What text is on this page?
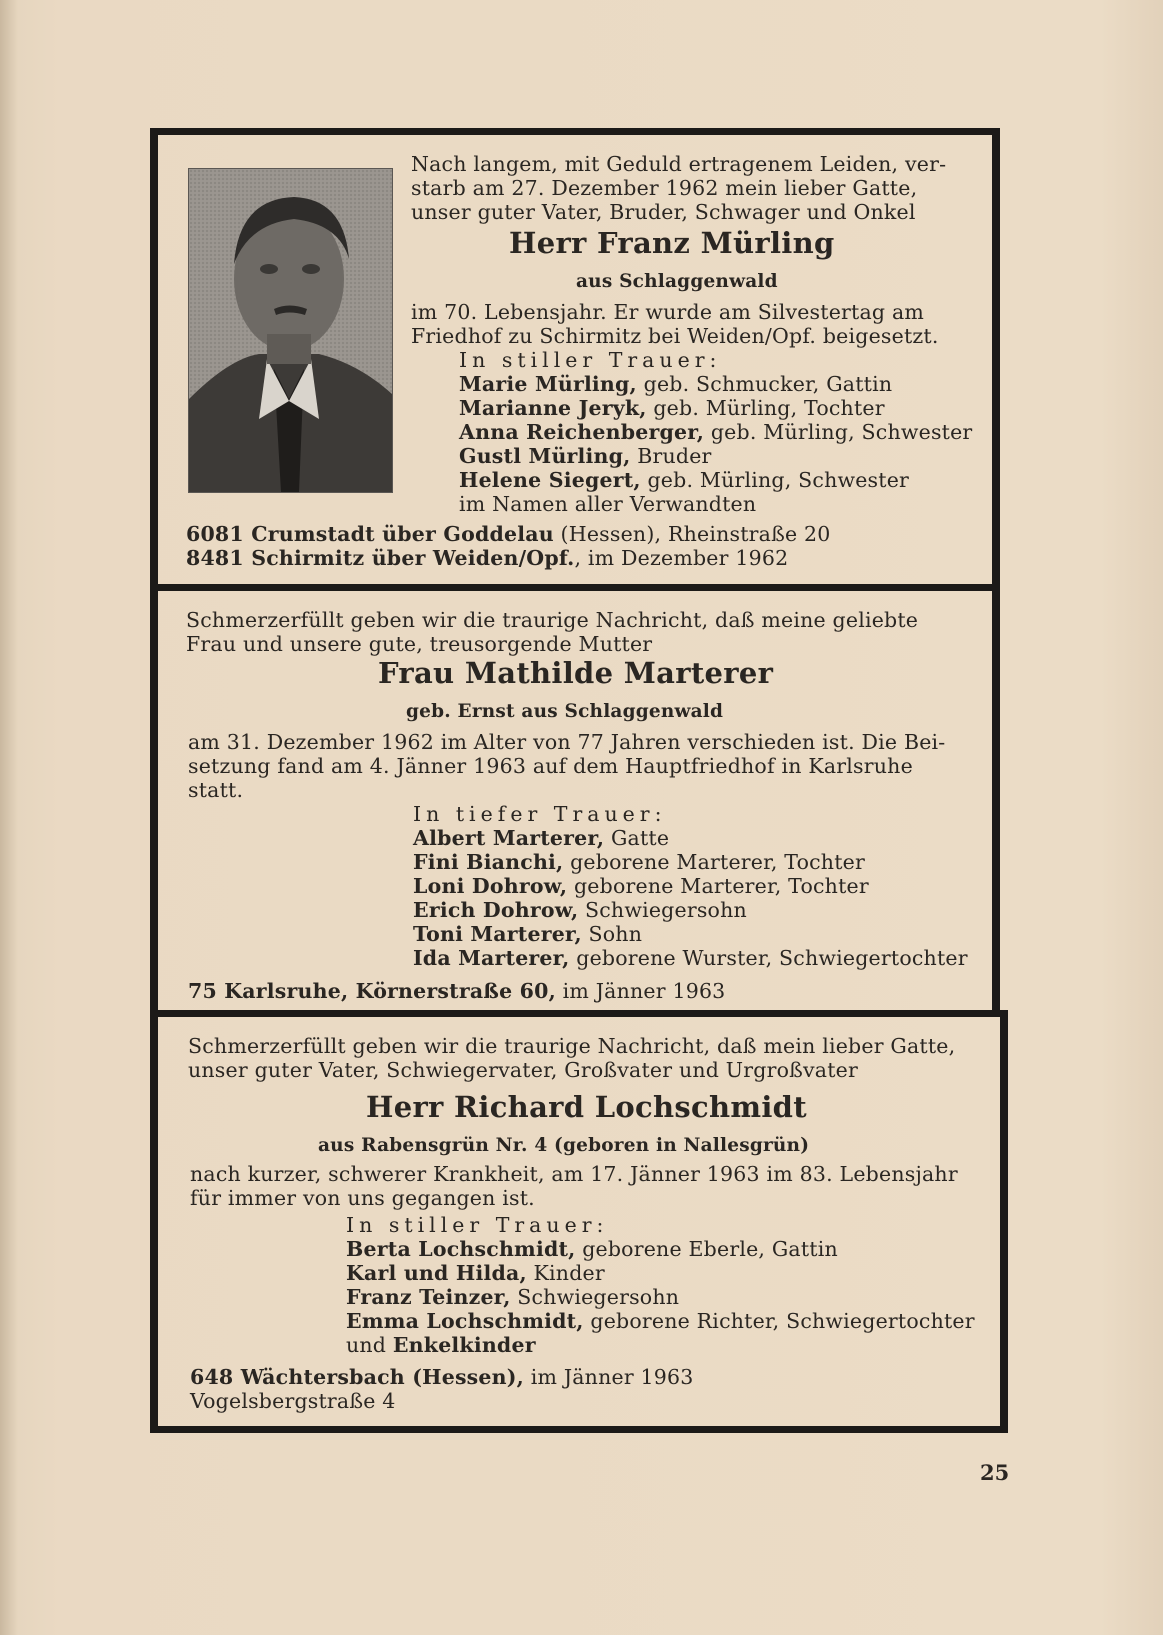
Nach langem, mit Geduld ertragenem Leiden, ver-
starb am 27. Dezember 1962 mein lieber Gatte,
unser guter Vater, Bruder, Schwager und Onkel
Herr Franz Mürling
aus Schlaggenwald
im 70. Lebensjahr. Er wurde am Silvestertag am
Friedhof zu Schirmitz bei Weiden/Opf. beigesetzt.
In stiller Trauer:
Marie Mürling, geb. Schmucker, Gattin
Marianne Jeryk, geb. Mürling, Tochter
Anna Reichenberger, geb. Mürling, Schwester
Gustl Mürling, Bruder
Helene Siegert, geb. Mürling, Schwester
im Namen aller Verwandten
6081 Crumstadt über Goddelau (Hessen), Rheinstraße 20
8481 Schirmitz über Weiden/Opf., im Dezember 1962
Schmerzerfüllt geben wir die traurige Nachricht, daß meine geliebte
Frau und unsere gute, treusorgende Mutter
Frau Mathilde Marterer
geb. Ernst aus Schlaggenwald
am 31. Dezember 1962 im Alter von 77 Jahren verschieden ist. Die Bei-
setzung fand am 4. Jänner 1963 auf dem Hauptfriedhof in Karlsruhe
statt.
In tiefer Trauer:
Albert Marterer, Gatte
Fini Bianchi, geborene Marterer, Tochter
Loni Dohrow, geborene Marterer, Tochter
Erich Dohrow, Schwiegersohn
Toni Marterer, Sohn
Ida Marterer, geborene Wurster, Schwiegertochter
75 Karlsruhe, Körnerstraße 60, im Jänner 1963
Schmerzerfüllt geben wir die traurige Nachricht, daß mein lieber Gatte,
unser guter Vater, Schwiegervater, Großvater und Urgroßvater
Herr Richard Lochschmidt
aus Rabensgrün Nr. 4 (geboren in Nallesgrün)
nach kurzer, schwerer Krankheit, am 17. Jänner 1963 im 83. Lebensjahr
für immer von uns gegangen ist.
In stiller Trauer:
Berta Lochschmidt, geborene Eberle, Gattin
Karl und Hilda, Kinder
Franz Teinzer, Schwiegersohn
Emma Lochschmidt, geborene Richter, Schwiegertochter
und Enkelkinder
648 Wächtersbach (Hessen), im Jänner 1963
Vogelsbergstraße 4
25
